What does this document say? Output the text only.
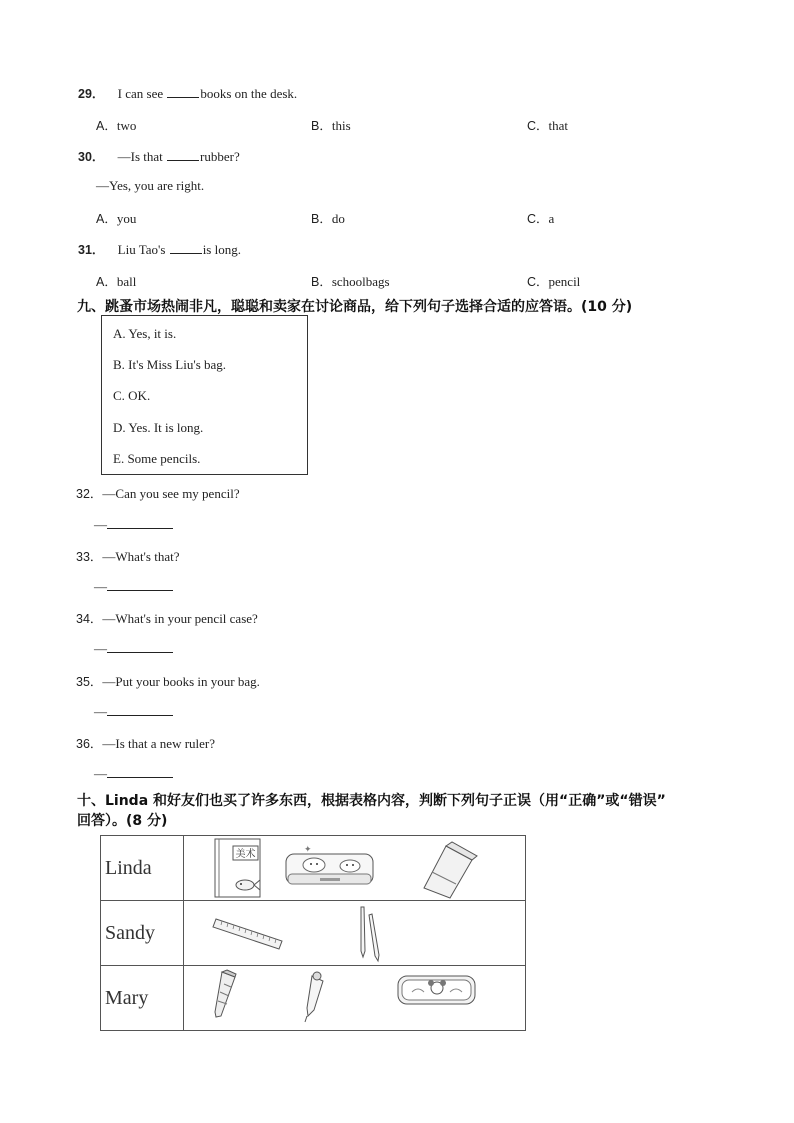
29． I can see	books on the desk.
A．two	B．this	C．that
30． —Is that	rubber?
—Yes, you are right.
A．you	B．do	C．a
31． Liu Tao's	is long.
A．ball	B．schoolbags	C．pencil
九、跳蚤市场热闹非凡，聪聪和卖家在讨论商品，给下列句子选择合适的应答语。(10 分)
A. Yes, it is.
B. It's Miss Liu's bag.
C. OK.
D. Yes. It is long.
E. Some pencils.
32．—Can you see my pencil?
—
33．—What's that?
—
34．—What's in your pencil case?
—
35．—Put your books in your bag.
—
36．—Is that a new ruler?
—
十、Linda 和好友们也买了许多东西，根据表格内容，判断下列句子正误（用“正确”或“错误”
回答）。(8 分)
Linda	美术 ✦

Sandy	

Mary	
